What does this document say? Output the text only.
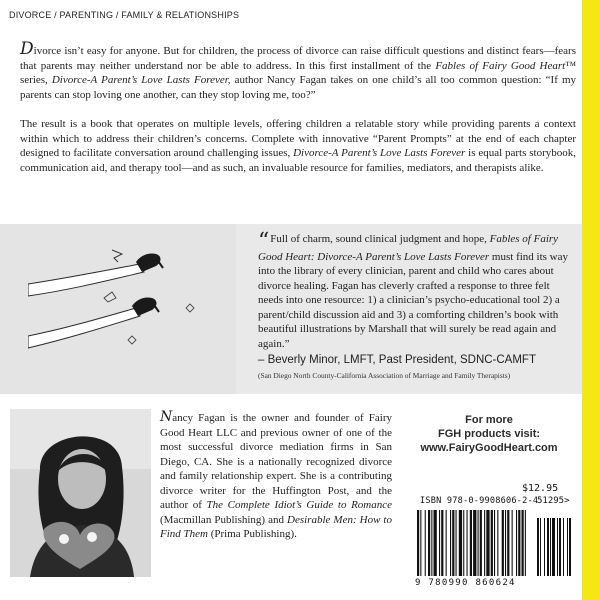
DIVORCE / PARENTING / FAMILY & RELATIONSHIPS

Divorce isn’t easy for anyone. But for children, the process of divorce can raise difficult questions and distinct fears—fears that parents may neither understand nor be able to address. In this first installment of the Fables of Fairy Good Heart™ series, Divorce-A Parent’s Love Lasts Forever, author Nancy Fagan takes on one child’s all too common question: “If my parents can stop loving one another, can they stop loving me, too?”

The result is a book that operates on multiple levels, offering children a relatable story while providing parents a context within which to address their children’s concerns. Complete with innovative “Parent Prompts” at the end of each chapter designed to facilitate conversation around challenging issues, Divorce-A Parent’s Love Lasts Forever is equal parts storybook, communication aid, and therapy tool—and as such, an invaluable resource for families, mediators, and therapists alike.

“Full of charm, sound clinical judgment and hope, Fables of Fairy Good Heart: Divorce-A Parent’s Love Lasts Forever must find its way into the library of every clinician, parent and child who cares about divorce healing. Fagan has cleverly crafted a response to three felt needs into one resource: 1) a clinician’s psycho-educational tool 2) a parent/child discussion aid and 3) a comforting children’s book with beautiful illustrations by Marshall that will surely be read again and again.”
– Beverly Minor, LMFT, Past President, SDNC-CAMFT
(San Diego North County-California Association of Marriage and Family Therapists)
Nancy Fagan is the owner and founder of Fairy Good Heart LLC and previous owner of one of the most successful divorce mediation firms in San Diego, CA. She is a nationally recognized divorce and family relationship expert. She is a contributing divorce writer for the Huffington Post, and the author of The Complete Idiot’s Guide to Romance (Macmillan Publishing) and Desirable Men: How to Find Them (Prima Publishing).
For more
FGH products visit:
www.FairyGoodHeart.com
$12.95
ISBN 978-0-9908606-2-4
51295>
9 780990 860624
